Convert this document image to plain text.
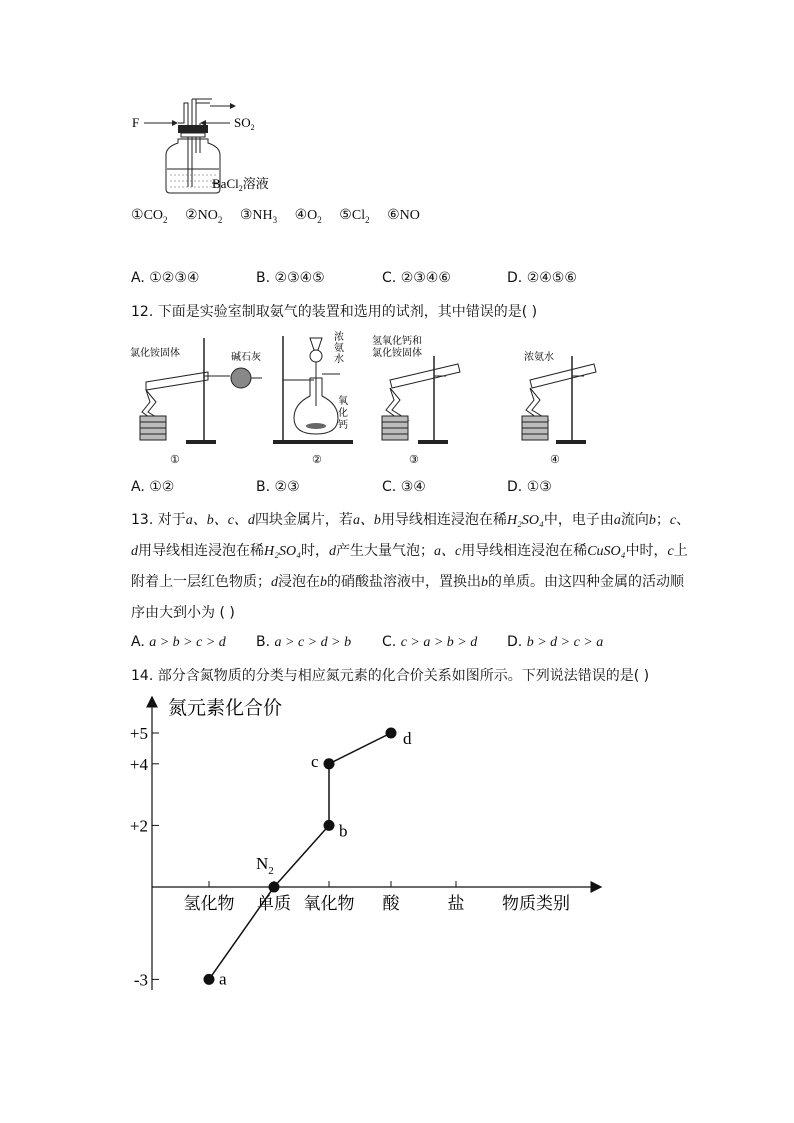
F	$SO_2$
BaCl$_2$溶液
$①CO_2$ $②NO_2$ $③NH_3$ $④O_2$ $⑤Cl_2$ ⑥NO
A. ①②③④	B. ②③④⑤	C. ②③④⑥	D. ②④⑤⑥
12. 下面是实验室制取氨气的装置和选用的试剂，其中错误的是( )
氯化铵固体	碱石灰
①
浓
氨
水
氧
化
钙
②
氢氧化钙和
氯化铵固体
③
浓氨水
④
A. ①②	B. ②③	C. ③④	D. ①③
13. 对于a、b、c、d四块金属片，若a、b用导线相连浸泡在稀H₂SO₄中，电子由a流向b；c、
d用导线相连浸泡在稀H₂SO₄时，d产生大量气泡；a、c用导线相连浸泡在稀CuSO₄中时，c上
附着上一层红色物质；d浸泡在b的硝酸盐溶液中，置换出b的单质。由这四种金属的活动顺
序由大到小为 ( )
A. a > b > c > d B. a > c > d > b C. c > a > b > d D. b > d > c > a
14. 部分含氮物质的分类与相应氮元素的化合价关系如图所示。下列说法错误的是( )
氮元素化合价
物质类别
氢化物 单质 氧化物 酸	盐
+5
+4
+2
-3	a
$N_2$
b
c
d
